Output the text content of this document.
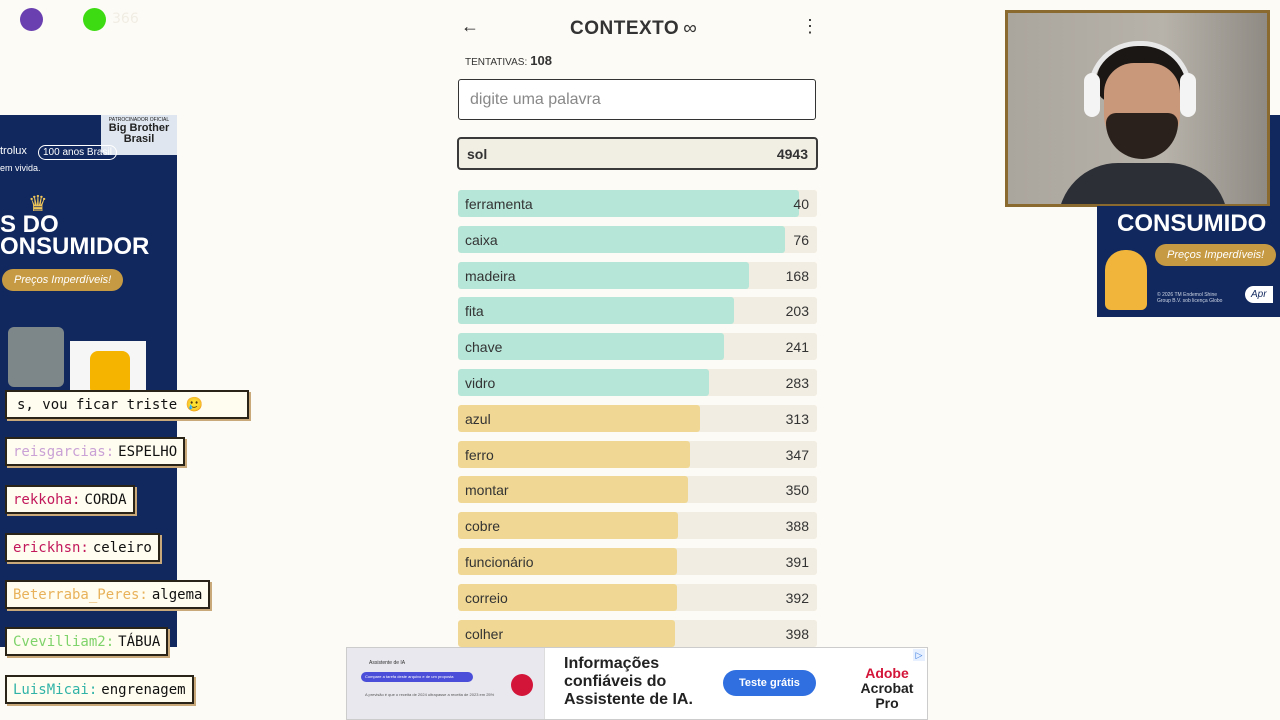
366
PATROCINADOR OFICIAL
Big Brother Brasil
trolux	100 anos Brasil
em vivida.
♛
S DO
ONSUMIDOR
Preços Imperdíveis!
s, vou ficar triste 🥲
reisgarcias: ESPELHO
rekkoha: CORDA
erickhsn: celeiro
Beterraba_Peres: algema
Cvevilliam2: TÁBUA
LuisMicai: engrenagem
←	CONTEXTO ∞	⋮
TENTATIVAS: 108
digite uma palavra
sol	4943
ferramenta	40
caixa	76
madeira	168
fita	203
chave	241
vidro	283
azul	313
ferro	347
montar	350
cobre	388
funcionário	391
correio	392
colher	398
CONSUMIDO
Preços Imperdíveis!
© 2026 TM Endemol Shine Group B.V. sob licença Globo
Apr
Assistente de IA
Compare a tarefa deste arquivo e de um proposta
A previsão é que o receita de 2024 ultrapasse a receita de 2023 em 25%
Informações confiáveis do Assistente de IA.
Teste grátis
Adobe
Acrobat Pro
▷
